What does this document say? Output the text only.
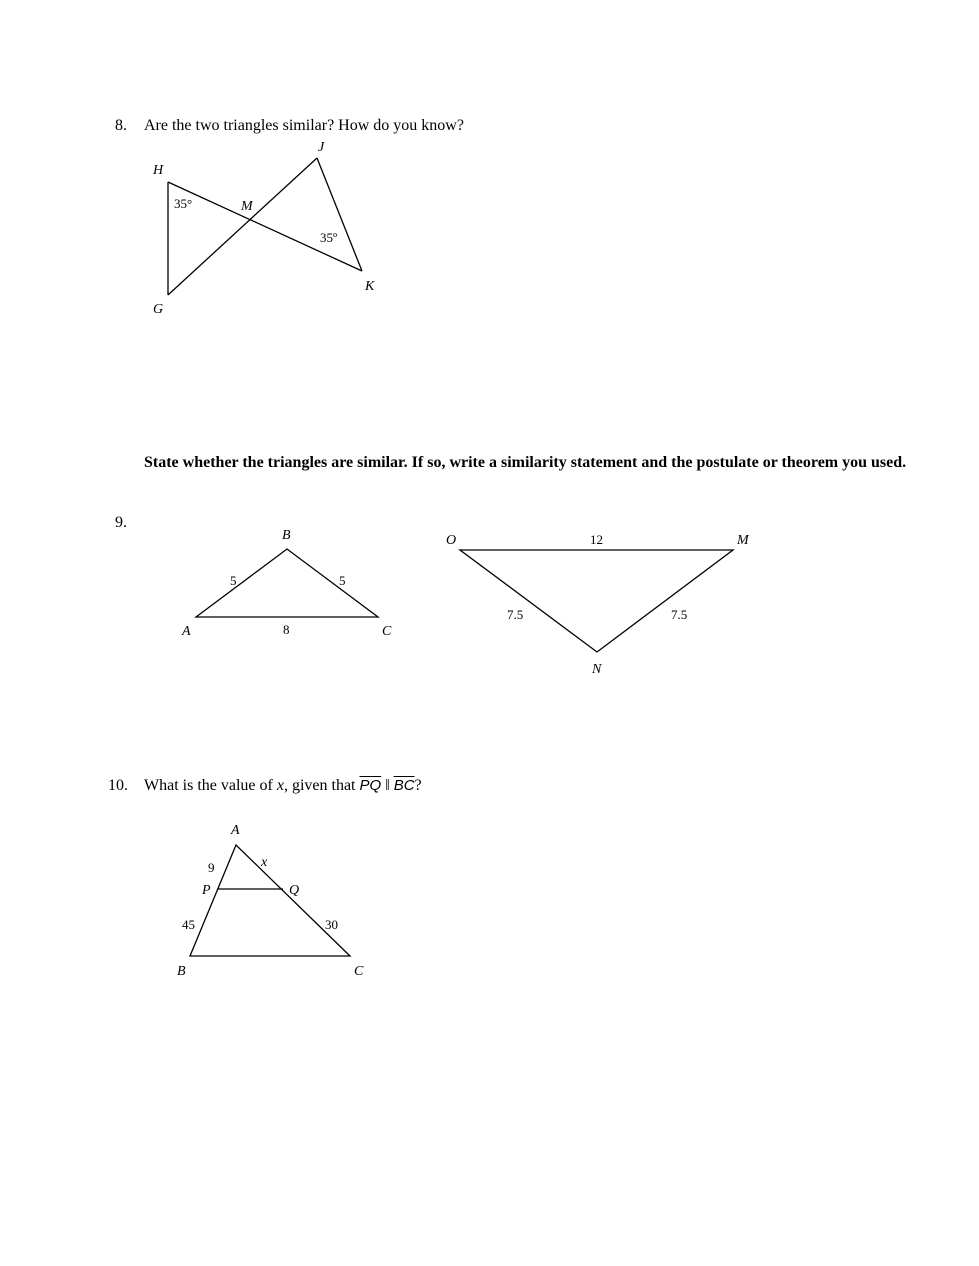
8. Are the two triangles similar? How do you know?
H
J
M
G
K
35°
35º
State whether the triangles are similar. If so, write a similarity statement and the postulate or theorem you used.
9.
B
A	C
5	5
8
O	M
N
12
7.5	7.5
10. What is the value of x, given that $\overline{PQ}$ ‖ $\overline{BC}$?
A
P	Q
B	C
x
9
45	30
